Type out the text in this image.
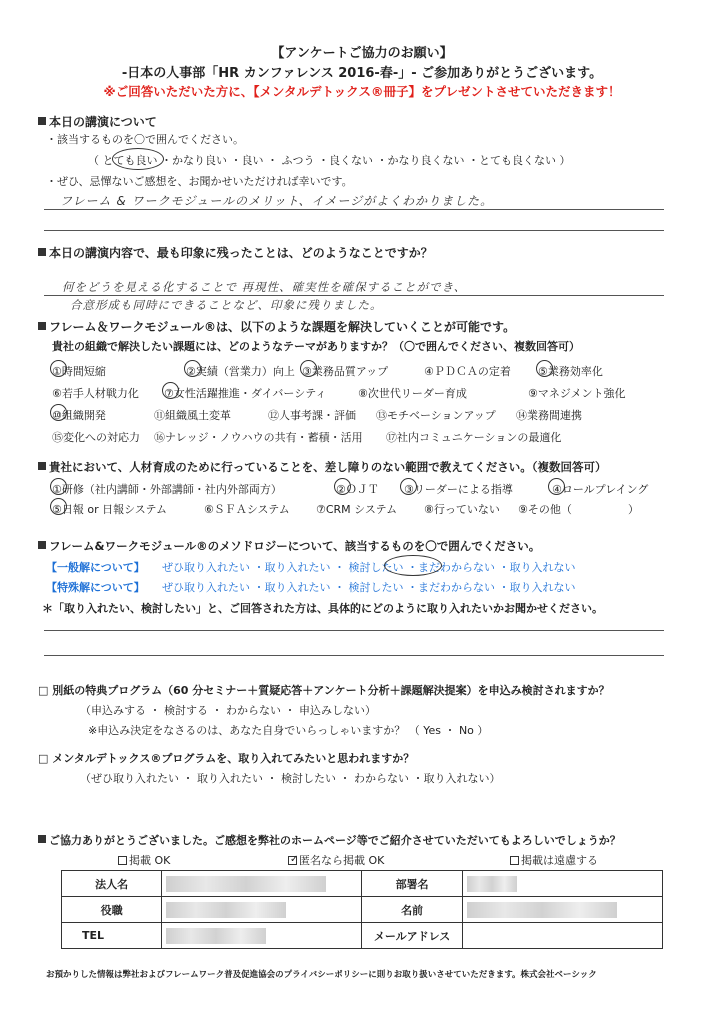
【アンケートご協力のお願い】
-日本の人事部「HR カンファレンス 2016-春-」- ご参加ありがとうございます。
※ご回答いただいた方に、【メンタルデトックス®冊子】をプレゼントさせていただきます！
本日の講演について
・該当するものを〇で囲んでください。
（ とても良い ・かなり良い ・良い ・ ふつう ・良くない ・かなり良くない ・とても良くない ）
・ぜひ、忌憚ないご感想を、お聞かせいただければ幸いです。
フレーム & ワークモジュールのメリット、イメージがよくわかりました。
本日の講演内容で、最も印象に残ったことは、どのようなことですか？
何をどうを見える化することで 再現性、確実性を確保することができ、
合意形成も同時にできることなど、印象に残りました。
フレーム＆ワークモジュール®は、以下のような課題を解決していくことが可能です。
貴社の組織で解決したい課題には、どのようなテーマがありますか？（〇で囲んでください、複数回答可）
①時間短縮	②実績（営業力）向上 ③業務品質アップ	④ＰＤＣＡの定着 ⑤業務効率化
⑥若手人材戦力化 ⑦女性活躍推進・ダイバーシティ	⑧次世代リーダー育成	⑨マネジメント強化
⑩組織開発	⑪組織風土変革	⑫人事考課・評価 ⑬モチベーションアップ ⑭業務間連携
⑮変化への対応力 ⑯ナレッジ・ノウハウの共有・蓄積・活用 ⑰社内コミュニケーションの最適化
貴社において、人材育成のために行っていることを、差し障りのない範囲で教えてください。（複数回答可）
①研修（社内講師・外部講師・社内外部両方）	②ＯＪＴ ③リーダーによる指導	④ロールプレイング
⑤日報 or 日報システム	⑥ＳＦＡシステム ⑦CRM システム ⑧行っていない ⑨その他（	）
フレーム&ワークモジュール®のメソドロジーについて、該当するものを〇で囲んでください。
【一般解について】 ぜひ取り入れたい ・取り入れたい ・ 検討したい ・まだわからない ・取り入れない
【特殊解について】 ぜひ取り入れたい ・取り入れたい ・ 検討したい ・まだわからない ・取り入れない
＊「取り入れたい、検討したい」と、ご回答された方は、具体的にどのように取り入れたいかお聞かせください。
□ 別紙の特典プログラム（60 分セミナー＋質疑応答＋アンケート分析＋課題解決提案）を申込み検討されますか？
（申込みする ・ 検討する ・ わからない ・ 申込みしない）
※申込み決定をなさるのは、あなた自身でいらっしゃいますか？ （ Yes ・ No ）
□ メンタルデトックス®プログラムを、取り入れてみたいと思われますか？
（ぜひ取り入れたい ・ 取り入れたい ・ 検討したい ・ わからない ・取り入れない）
ご協力ありがとうございました。ご感想を弊社のホームページ等でご紹介させていただいてもよろしいでしょうか？
掲載 OK	✓ 匿名なら掲載 OK	掲載は遠慮する
法人名		部署名	
役職		名前	
TEL		メールアドレス	
お預かりした情報は弊社およびフレームワーク普及促進協会のプライバシーポリシーに則りお取り扱いさせていただきます。株式会社ベーシック
